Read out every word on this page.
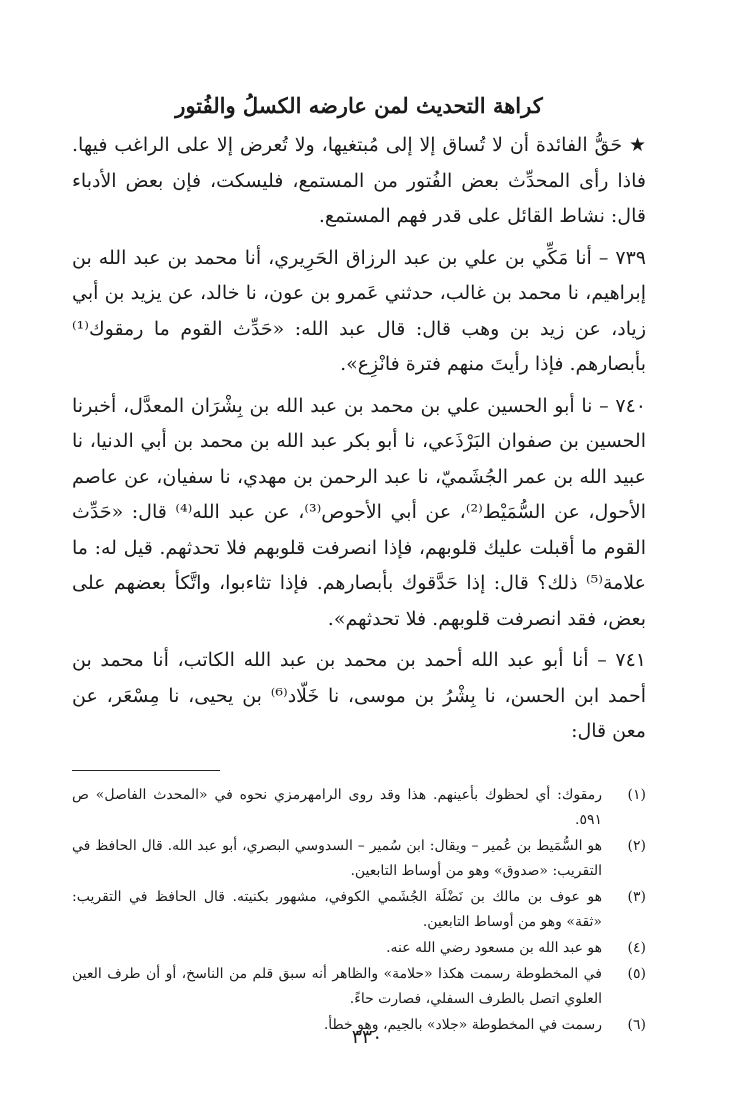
كراهة التحديث لمن عارضه الكسلُ والفُتور

★ حَقُّ الفائدة أن لا تُساق إلا إلى مُبتغيها، ولا تُعرض إلا على الراغب فيها. فاذا رأى المحدِّث بعض الفُتور من المستمع، فليسكت، فإن بعض الأدباء قال: نشاط القائل على قدر فهم المستمع.

٧٣٩ – أنا مَكِّي بن علي بن عبد الرزاق الحَرِيري، أنا محمد بن عبد الله بن إبراهيم، نا محمد بن غالب، حدثني عَمرو بن عون، نا خالد، عن يزيد بن أبي زياد، عن زيد بن وهب قال: قال عبد الله: «حَدِّث القوم ما رمقوك⁽¹⁾ بأبصارهم. فإذا رأيتَ منهم فترة فانْزِع».

٧٤٠ – نا أبو الحسين علي بن محمد بن عبد الله بن بِشْرَان المعدَّل، أخبرنا الحسين بن صفوان البَرْذَعي، نا أبو بكر عبد الله بن محمد بن أبي الدنيا، نا عبيد الله بن عمر الجُشَميّ، نا عبد الرحمن بن مهدي، نا سفيان، عن عاصم الأحول، عن السُّمَيْط⁽²⁾، عن أبي الأحوص⁽³⁾، عن عبد الله⁽⁴⁾ قال: «حَدِّث القوم ما أقبلت عليك قلوبهم، فإذا انصرفت قلوبهم فلا تحدثهم. قيل له: ما علامة⁽⁵⁾ ذلك؟ قال: إذا حَدَّقوك بأبصارهم. فإذا تثاءبوا، واتَّكأ بعضهم على بعض، فقد انصرفت قلوبهم. فلا تحدثهم».

٧٤١ – أنا أبو عبد الله أحمد بن محمد بن عبد الله الكاتب، أنا محمد بن أحمد ابن الحسن، نا بِشْرُ بن موسى، نا خَلّاد⁽⁶⁾ بن يحيى، نا مِسْعَر، عن معن قال:

(١)
رمقوك: أي لحظوك بأعينهم. هذا وقد روى الرامهرمزي نحوه في «المحدث الفاصل» ص ٥٩١.
(٢)
هو السُّمَيط بن عُمير – ويقال: ابن سُمير – السدوسي البصري، أبو عبد الله. قال الحافظ في التقريب: «صدوق» وهو من أوساط التابعين.
(٣)
هو عوف بن مالك بن نَضْلَة الجُشَمي الكوفي، مشهور بكنيته. قال الحافظ في التقريب: «ثقة» وهو من أوساط التابعين.
(٤)
هو عبد الله بن مسعود رضي الله عنه.
(٥)
في المخطوطة رسمت هكذا «حلامة» والظاهر أنه سبق قلم من الناسخ، أو أن طرف العين العلوي اتصل بالطرف السفلي، فصارت حاءً.
(٦)
رسمت في المخطوطة «جلاد» بالجيم، وهو خطأ.
٣٣٠
